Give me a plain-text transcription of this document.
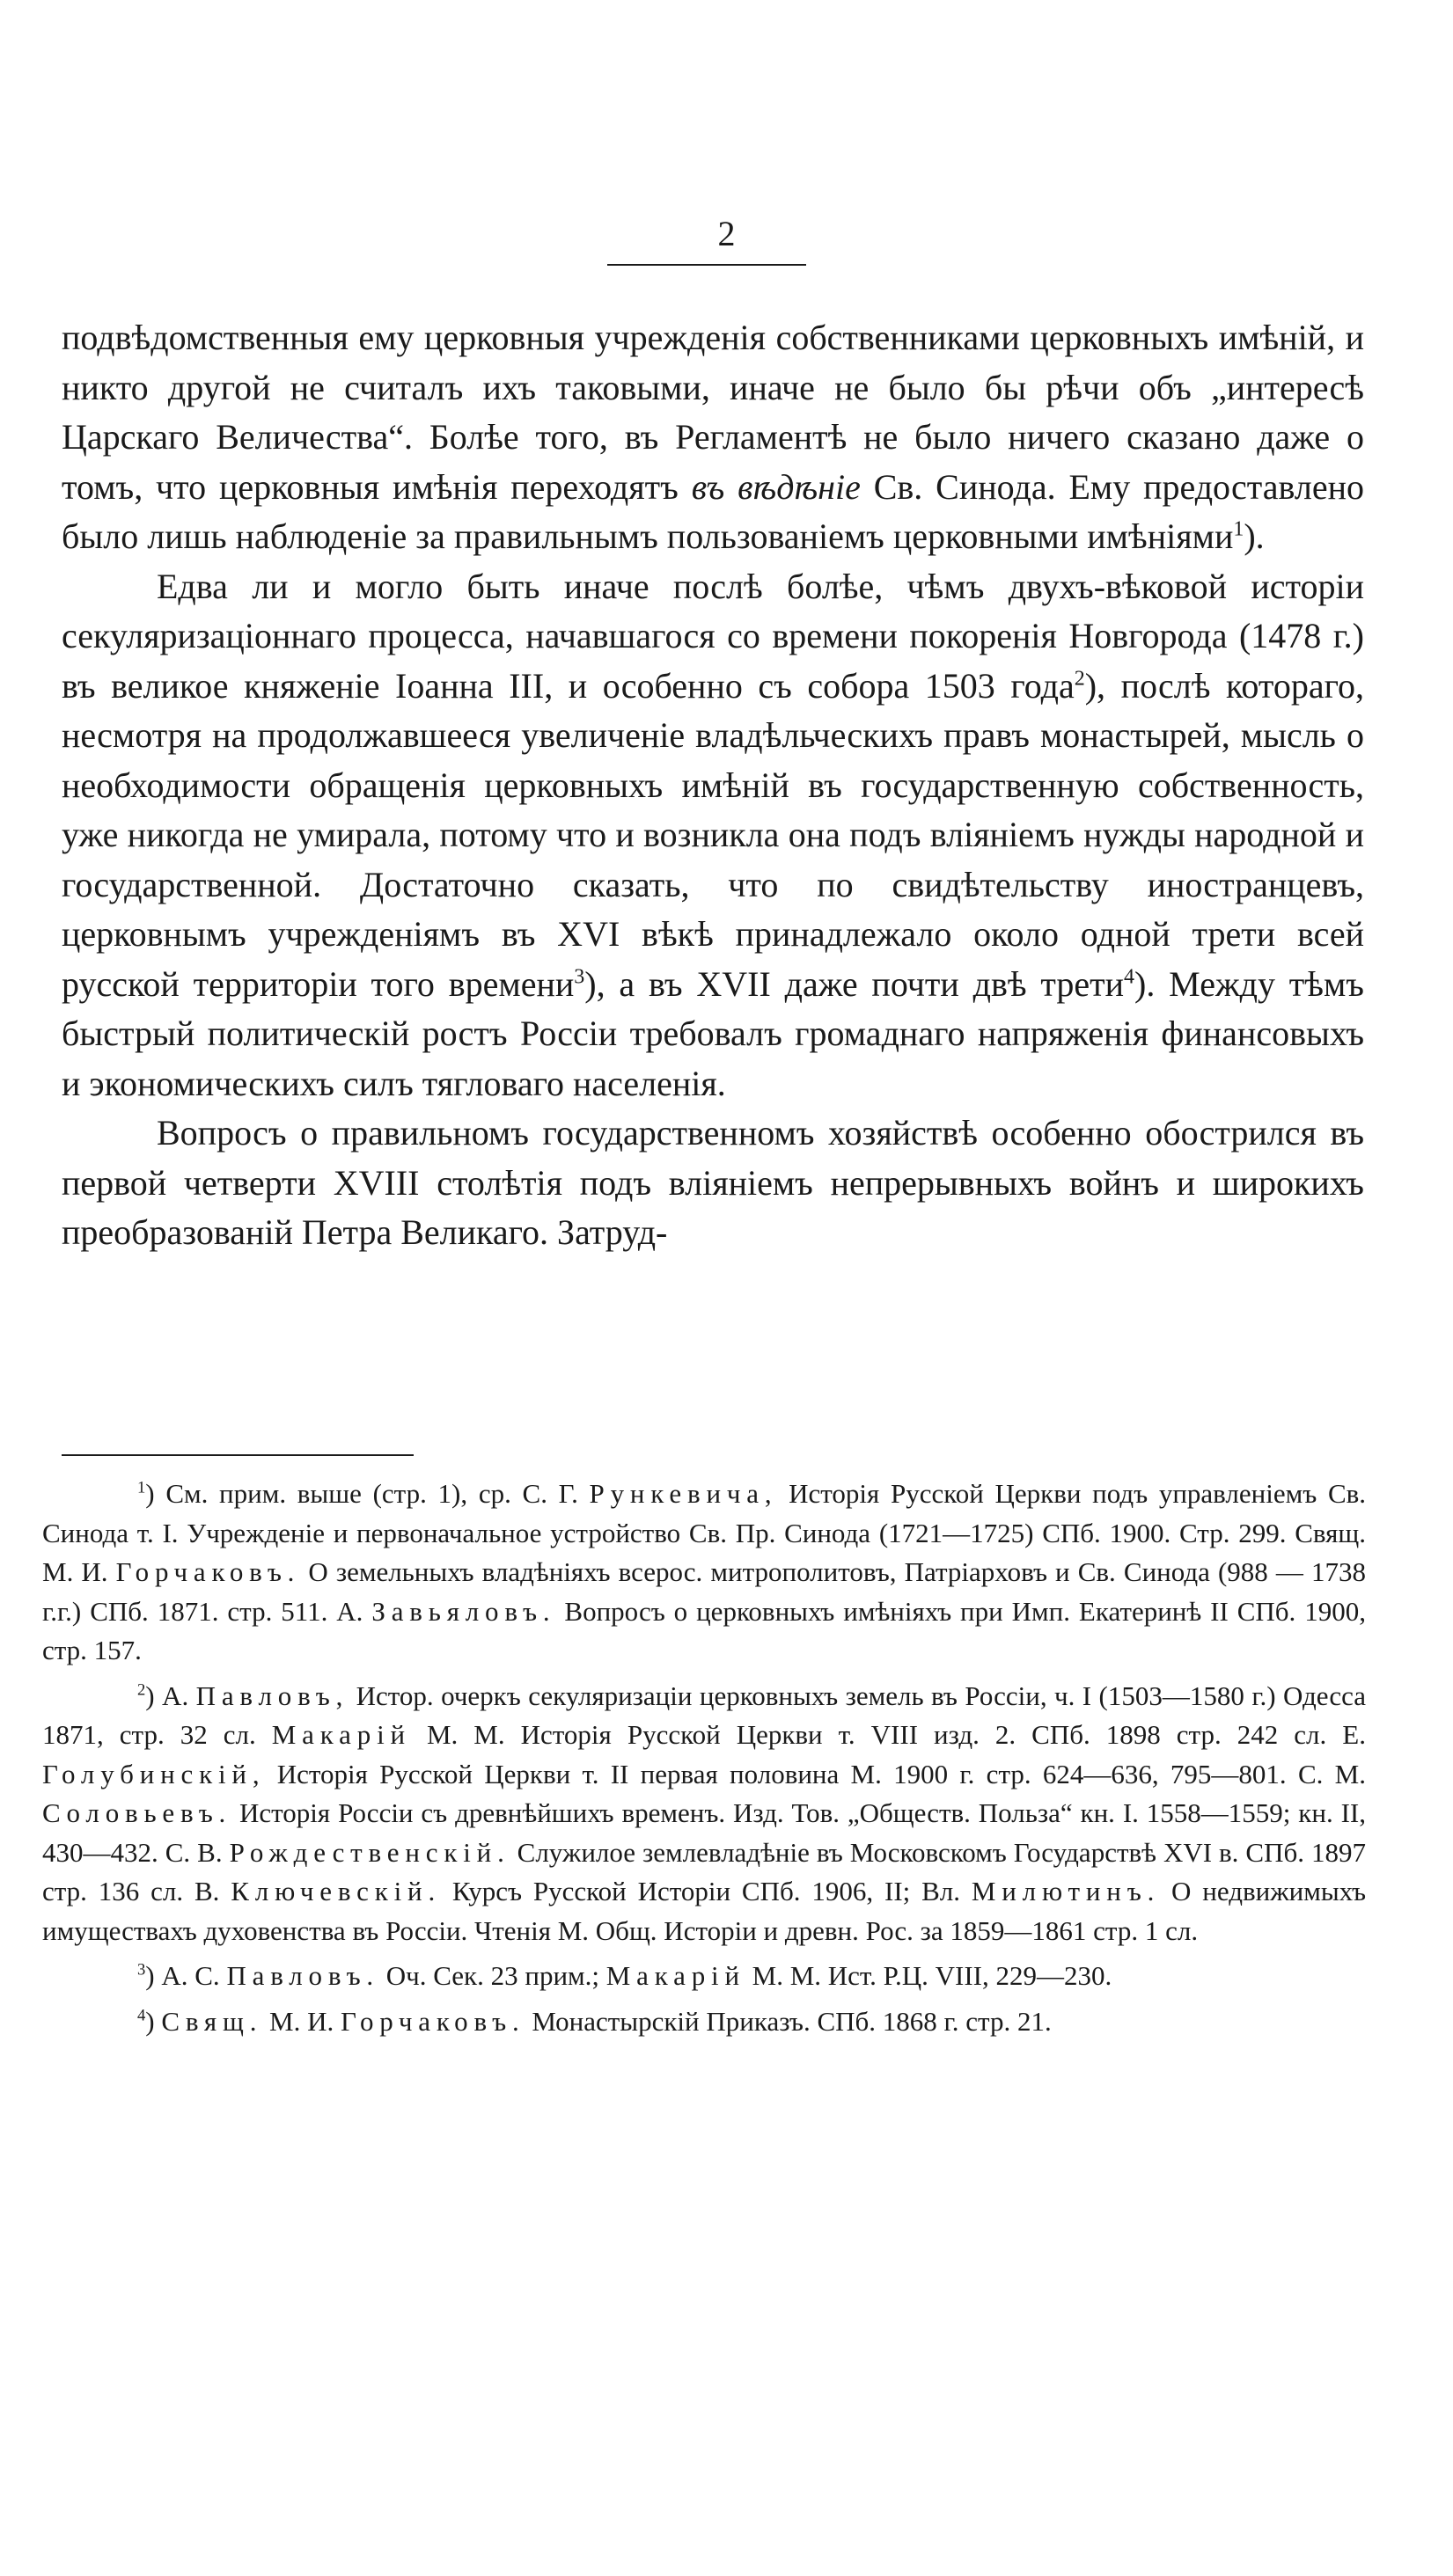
2

подвѣдомственныя ему церковныя учрежденія собственниками церковныхъ имѣній, и никто другой не считалъ ихъ таковыми, иначе не было бы рѣчи объ „интересѣ Царскаго Величества“. Болѣе того, въ Регламентѣ не было ничего сказано даже о томъ, что церковныя имѣнія переходятъ въ вѣдѣніе Св. Синода. Ему предоставлено было лишь наблюденіе за правильнымъ пользованіемъ церковными имѣніями$^1$).

Едва ли и могло быть иначе послѣ болѣе, чѣмъ двухъ-вѣковой исторіи секуляризаціоннаго процесса, начавшагося со времени покоренія Новгорода (1478 г.) въ великое княженіе Іоанна III, и особенно съ собора 1503 года$^2$), послѣ котораго, несмотря на продолжавшееся увеличеніе владѣльческихъ правъ монастырей, мысль о необходимости обращенія церковныхъ имѣній въ государственную собственность, уже никогда не умирала, потому что и возникла она подъ вліяніемъ нужды народной и государственной. Достаточно сказать, что по свидѣтельству иностранцевъ, церковнымъ учрежденіямъ въ XVI вѣкѣ принадлежало около одной трети всей русской территоріи того времени$^3$), а въ XVII даже почти двѣ трети$^4$). Между тѣмъ быстрый политическій ростъ Россіи требовалъ громаднаго напряженія финансовыхъ и экономическихъ силъ тягловаго населенія.

Вопросъ о правильномъ государственномъ хозяйствѣ особенно обострился въ первой четверти XVIII столѣтія подъ вліяніемъ непрерывныхъ войнъ и широкихъ преобразованій Петра Великаго. Затруд-

$^1$) См. прим. выше (стр. 1), ср. С. Г. Рункевича, Исторія Русской Церкви подъ управленіемъ Св. Синода т. I. Учрежденіе и первоначальное устройство Св. Пр. Синода (1721—1725) СПб. 1900. Стр. 299. Свящ. М. И. Горчаковъ. О земельныхъ владѣніяхъ всерос. митрополитовъ, Патріарховъ и Св. Синода (988 — 1738 г.г.) СПб. 1871. стр. 511. А. Завьяловъ. Вопросъ о церковныхъ имѣніяхъ при Имп. Екатеринѣ II СПб. 1900, стр. 157.

$^2$) А. Павловъ, Истор. очеркъ секуляризаціи церковныхъ земель въ Россіи, ч. I (1503—1580 г.) Одесса 1871, стр. 32 сл. Макарій М. М. Исторія Русской Церкви т. VIII изд. 2. СПб. 1898 стр. 242 сл. Е. Голубинскій, Исторія Русской Церкви т. II первая половина М. 1900 г. стр. 624—636, 795—801. С. М. Соловьевъ. Исторія Россіи съ древнѣйшихъ временъ. Изд. Тов. „Обществ. Польза“ кн. I. 1558—1559; кн. II, 430—432. С. В. Рождественскій. Служилое землевладѣніе въ Московскомъ Государствѣ XVI в. СПб. 1897 стр. 136 сл. В. Ключевскій. Курсъ Русской Исторіи СПб. 1906, II; Вл. Милютинъ. О недвижимыхъ имуществахъ духовенства въ Россіи. Чтенія М. Общ. Исторіи и древн. Рос. за 1859—1861 стр. 1 сл.

$^3$) А. С. Павловъ. Оч. Сек. 23 прим.; Макарій М. М. Ист. Р.Ц. VIII, 229—230.

$^4$) Свящ. М. И. Горчаковъ. Монастырскій Приказъ. СПб. 1868 г. стр. 21.
